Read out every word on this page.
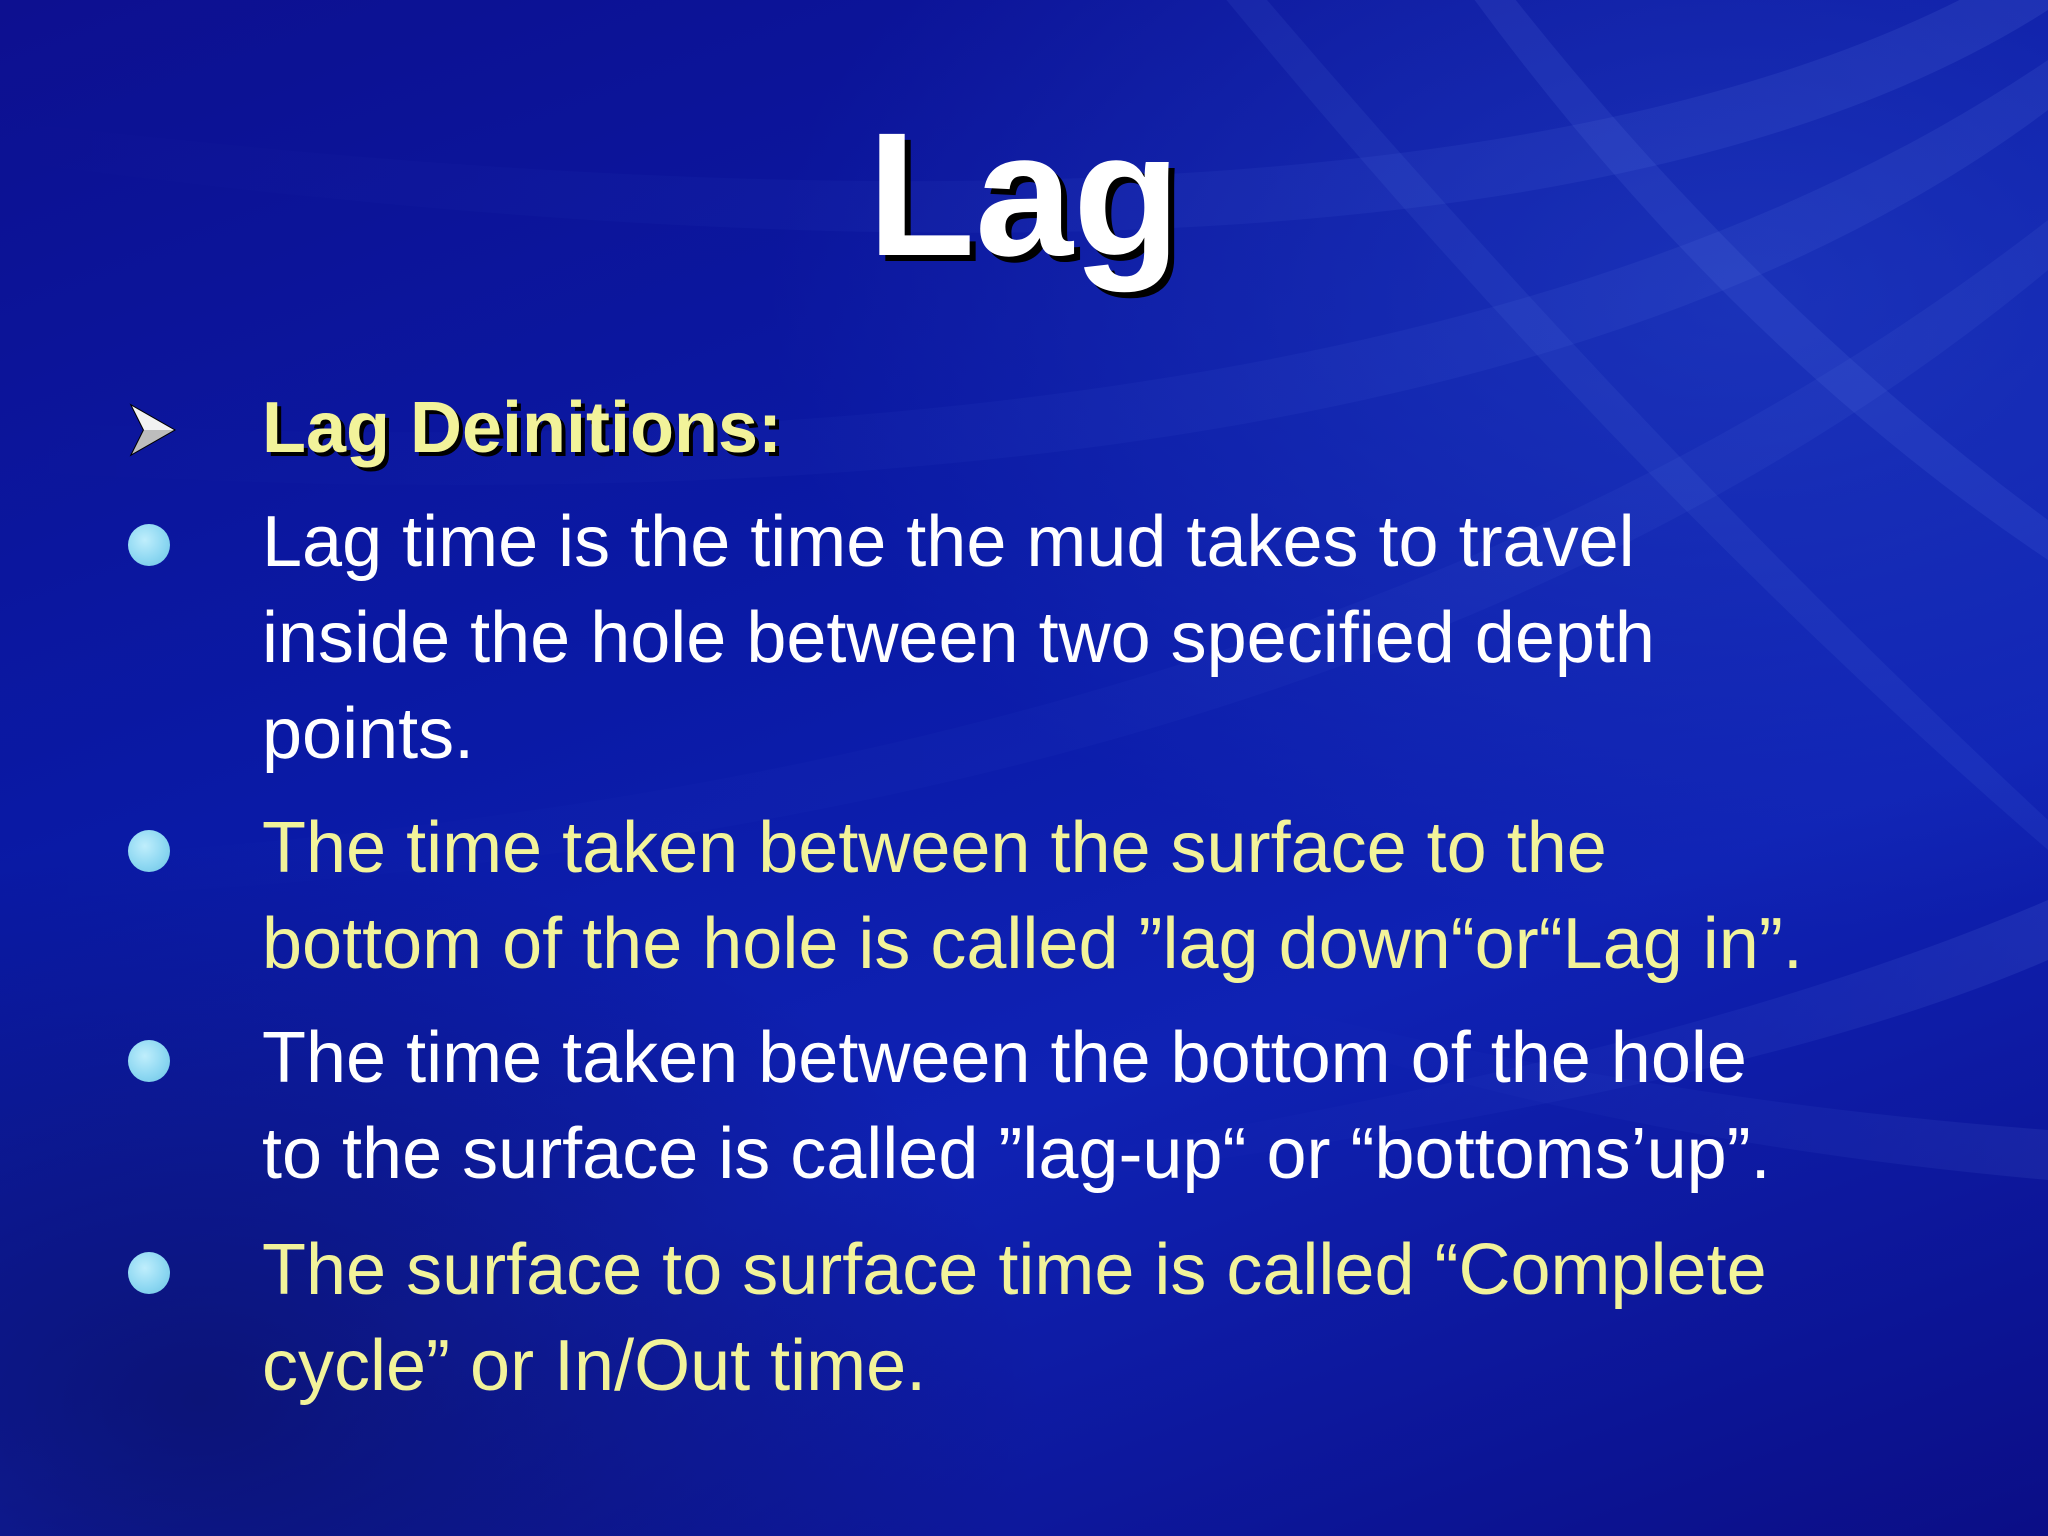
Lag

Lag Deinitions:

Lag time is the time the mud takes to travel
inside the hole between two specified depth
points.

The time taken between the surface to the
bottom of the hole is called ”lag down“or“Lag in”.

The time taken between the bottom of the hole
to the surface is called ”lag-up“ or “bottoms’up”.

The surface to surface time is called “Complete
cycle” or In/Out time.
